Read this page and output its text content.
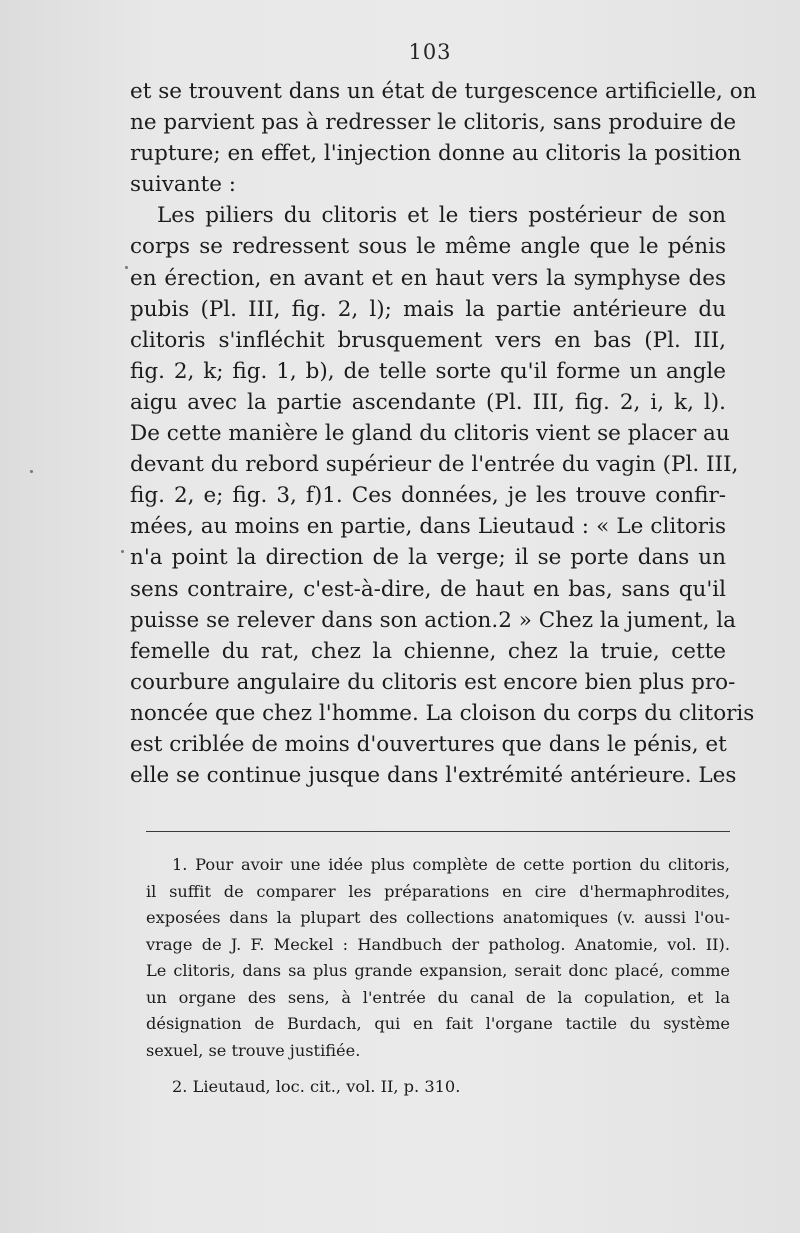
103
et se trouvent dans un état de turgescence artificielle, on
ne parvient pas à redresser le clitoris, sans produire de
rupture; en effet, l'injection donne au clitoris la position
suivante :
Les piliers du clitoris et le tiers postérieur de son
corps se redressent sous le même angle que le pénis
en érection, en avant et en haut vers la symphyse des
pubis (Pl. III, fig. 2, l); mais la partie antérieure du
clitoris s'infléchit brusquement vers en bas (Pl. III,
fig. 2, k; fig. 1, b), de telle sorte qu'il forme un angle
aigu avec la partie ascendante (Pl. III, fig. 2, i, k, l).
De cette manière le gland du clitoris vient se placer au
devant du rebord supérieur de l'entrée du vagin (Pl. III,
fig. 2, e; fig. 3, f)1. Ces données, je les trouve confir-
mées, au moins en partie, dans Lieutaud : « Le clitoris
n'a point la direction de la verge; il se porte dans un
sens contraire, c'est-à-dire, de haut en bas, sans qu'il
puisse se relever dans son action.2 » Chez la jument, la
femelle du rat, chez la chienne, chez la truie, cette
courbure angulaire du clitoris est encore bien plus pro-
noncée que chez l'homme. La cloison du corps du clitoris
est criblée de moins d'ouvertures que dans le pénis, et
elle se continue jusque dans l'extrémité antérieure. Les
1. Pour avoir une idée plus complète de cette portion du clitoris,
il suffit de comparer les préparations en cire d'hermaphrodites,
exposées dans la plupart des collections anatomiques (v. aussi l'ou-
vrage de J. F. Meckel : Handbuch der patholog. Anatomie, vol. II).
Le clitoris, dans sa plus grande expansion, serait donc placé, comme
un organe des sens, à l'entrée du canal de la copulation, et la
désignation de Burdach, qui en fait l'organe tactile du système
sexuel, se trouve justifiée.
2. Lieutaud, loc. cit., vol. II, p. 310.
